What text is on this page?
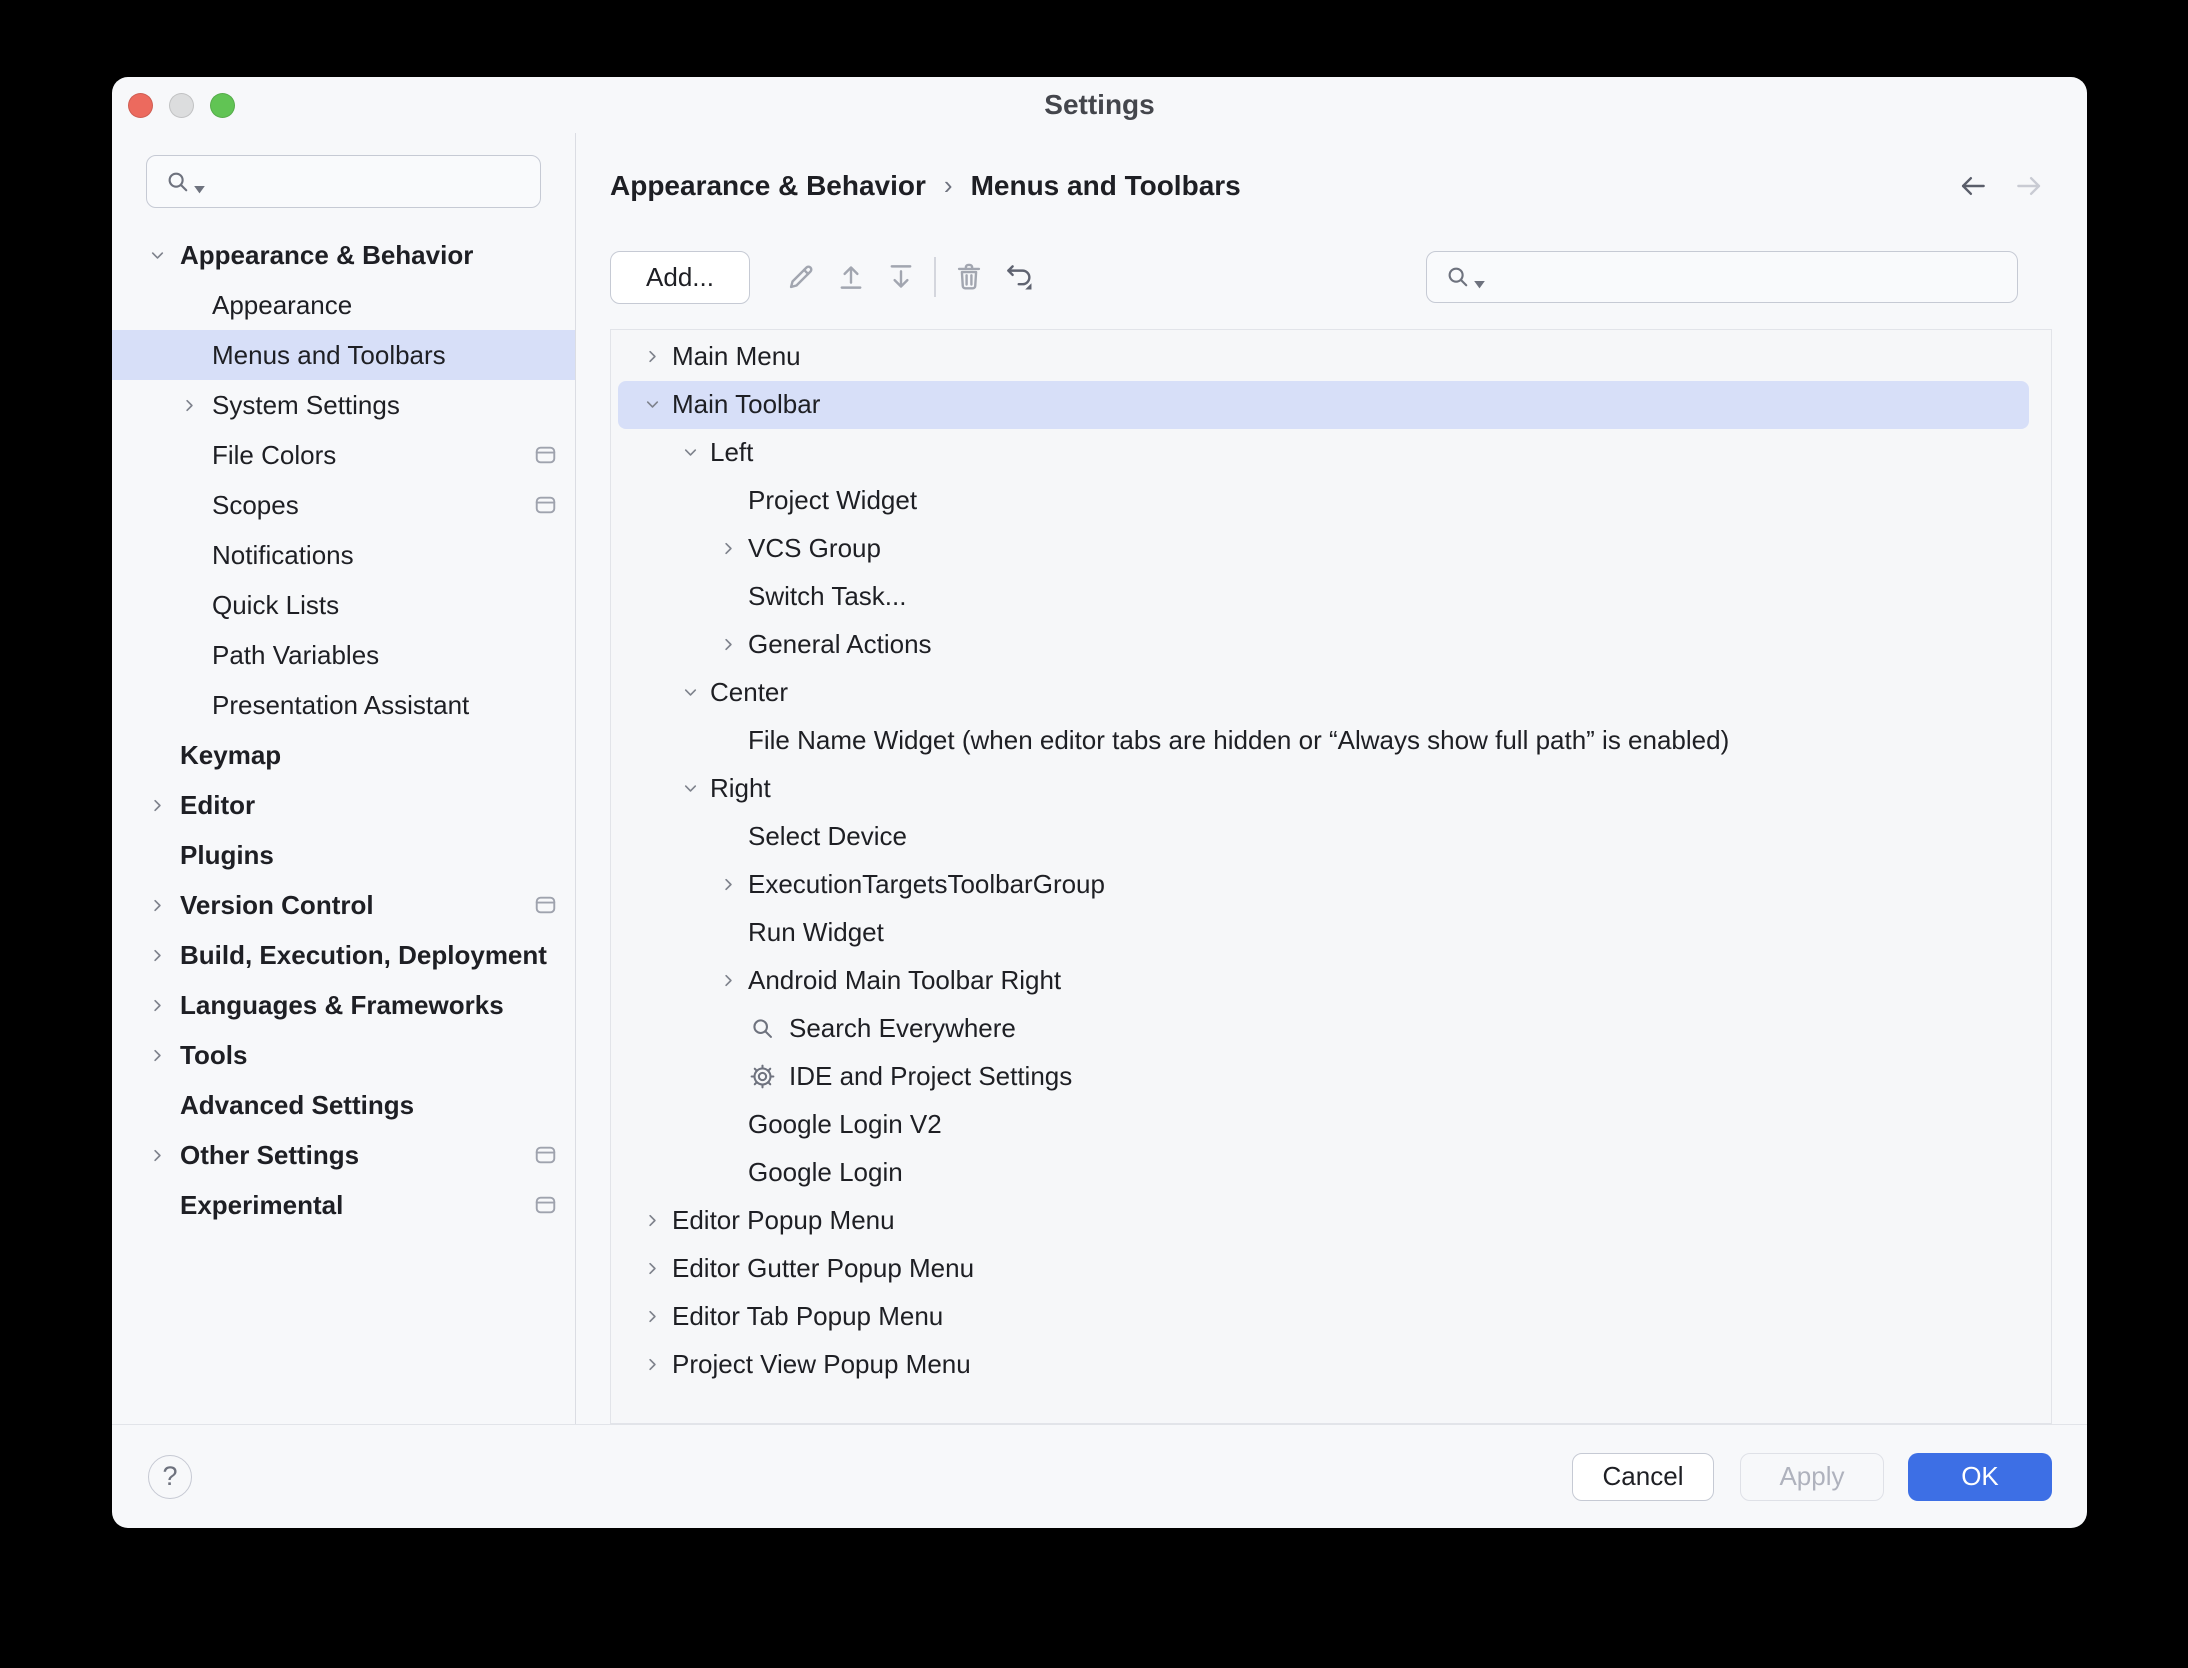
Settings
Appearance & Behavior
Appearance
Menus and Toolbars
System Settings
File Colors
Scopes
Notifications
Quick Lists
Path Variables
Presentation Assistant
Keymap
Editor
Plugins
Version Control
Build, Execution, Deployment
Languages & Frameworks
Tools
Advanced Settings
Other Settings
Experimental
Appearance & Behavior › Menus and Toolbars
Add...
Main Menu
Main Toolbar
Left
Project Widget
VCS Group
Switch Task...
General Actions
Center
File Name Widget (when editor tabs are hidden or “Always show full path” is enabled)
Right
Select Device
ExecutionTargetsToolbarGroup
Run Widget
Android Main Toolbar Right
Search Everywhere
IDE and Project Settings
Google Login V2
Google Login
Editor Popup Menu
Editor Gutter Popup Menu
Editor Tab Popup Menu
Project View Popup Menu
?	Cancel	Apply	OK
